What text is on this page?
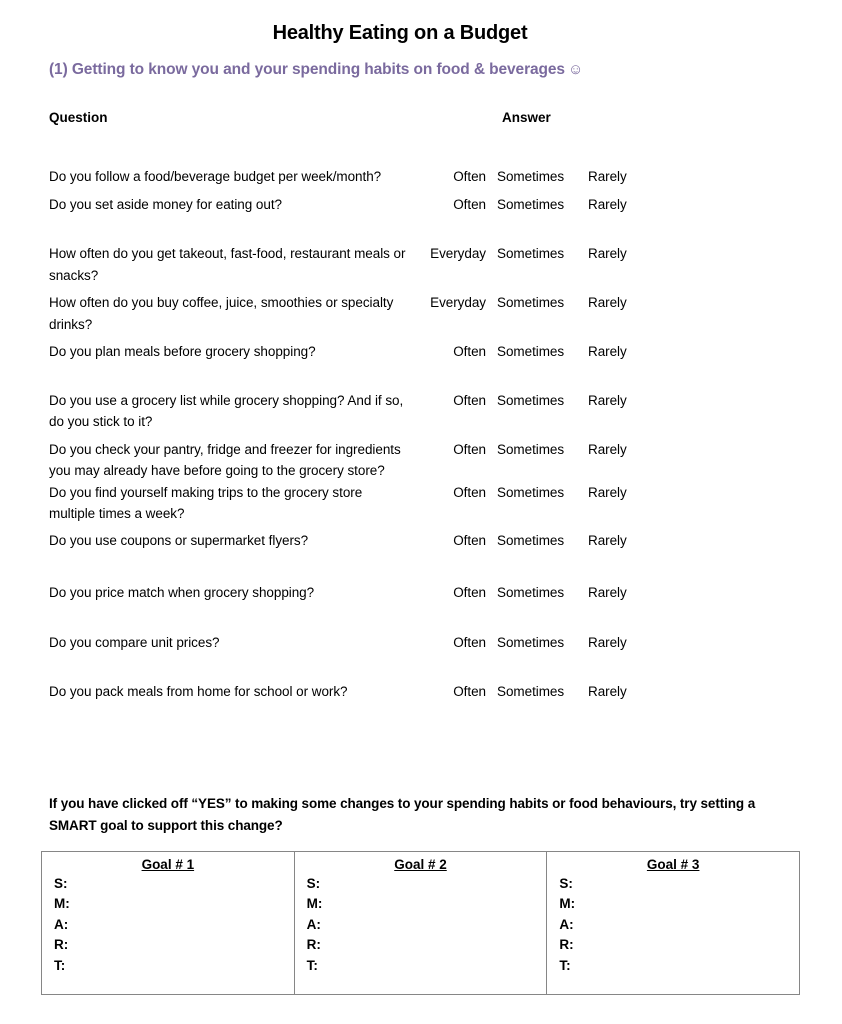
Healthy Eating on a Budget
(1) Getting to know you and your spending habits on food & beverages ☺
Question	Answer
Do you follow a food/beverage budget per week/month?	Often Sometimes	Rarely
Do you set aside money for eating out?	Often Sometimes	Rarely
How often do you get takeout, fast-food, restaurant meals or snacks?
Everyday Sometimes	Rarely
How often do you buy coffee, juice, smoothies or specialty drinks?
Everyday Sometimes	Rarely
Do you plan meals before grocery shopping?	Often Sometimes	Rarely
Do you use a grocery list while grocery shopping? And if so, do you stick to it?
Often Sometimes	Rarely
Do you check your pantry, fridge and freezer for ingredients you may already have before going to the grocery store?
Often Sometimes	Rarely
Do you find yourself making trips to the grocery store multiple times a week?
Often Sometimes	Rarely
Do you use coupons or supermarket flyers?	Often Sometimes	Rarely
Do you price match when grocery shopping?	Often Sometimes	Rarely
Do you compare unit prices?	Often Sometimes	Rarely
Do you pack meals from home for school or work?	Often Sometimes	Rarely
If you have clicked off “YES” to making some changes to your spending habits or food behaviours, try setting a SMART goal to support this change?
Goal # 1
S:
M:
A:
R:
T:
Goal # 2
S:
M:
A:
R:
T:
Goal # 3
S:
M:
A:
R:
T:
